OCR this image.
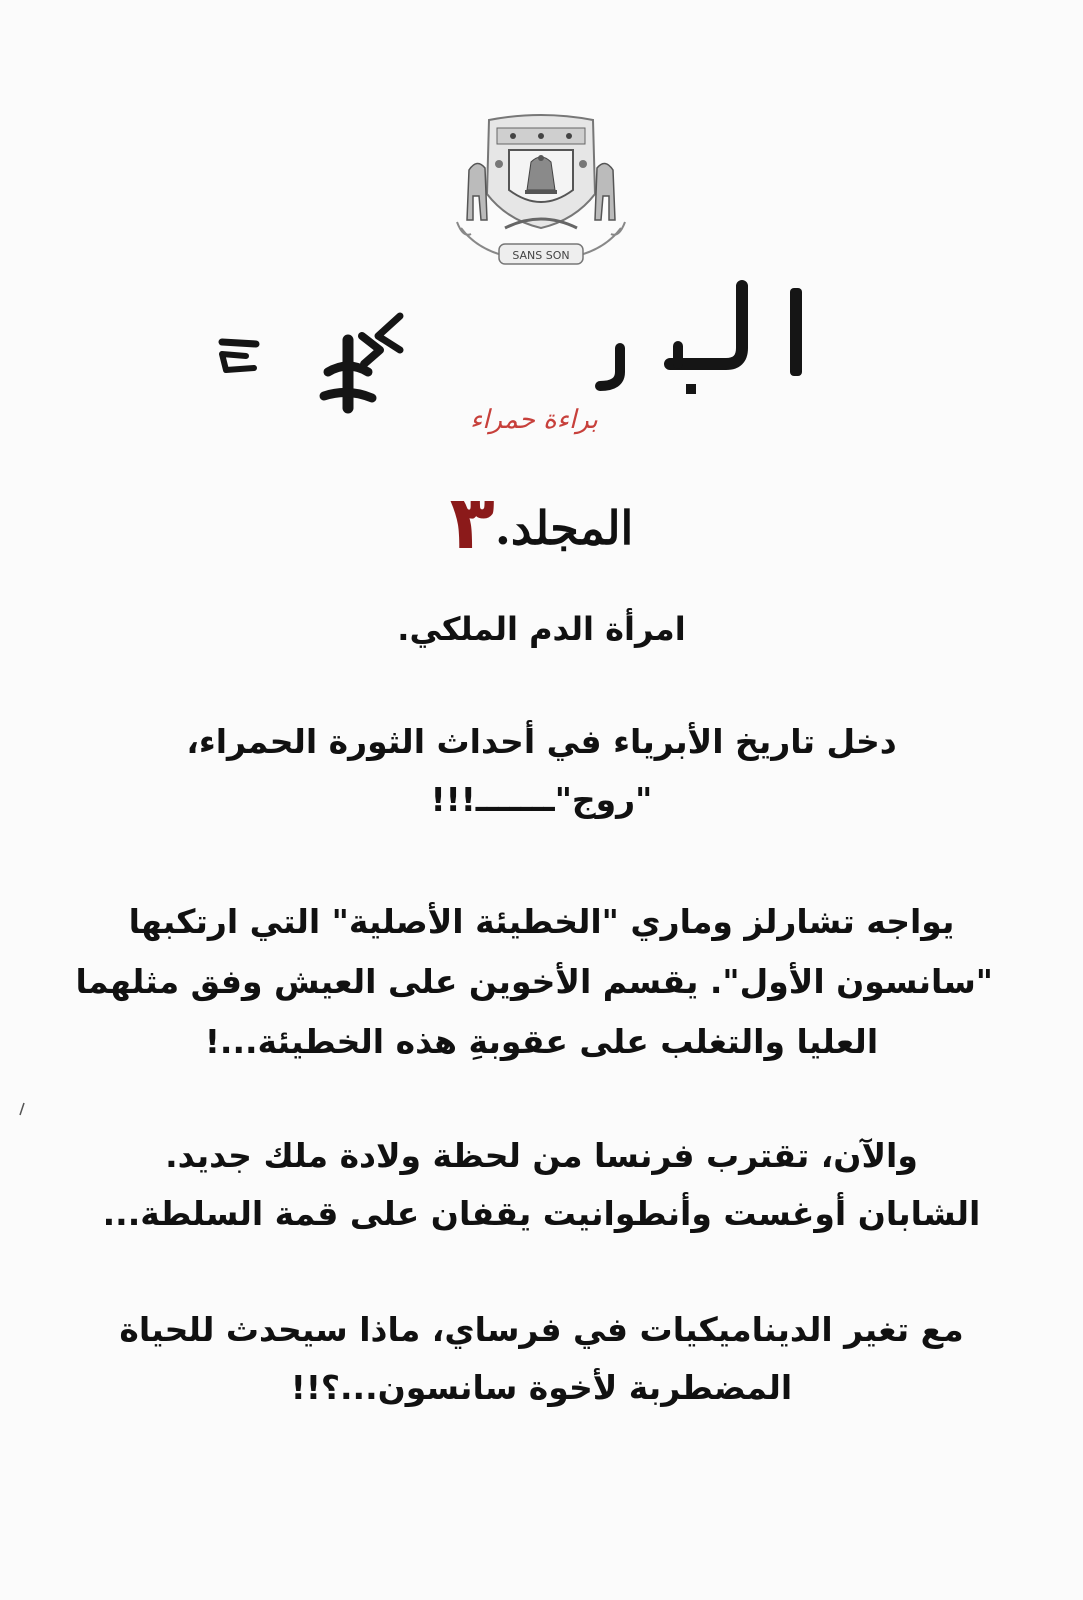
SANS SON
براءة حمراء
المجلد.٣
امرأة الدم الملكي.
دخل تاريخ الأبرياء في أحداث الثورة الحمراء،
"روج"ـــــــ!!!
يواجه تشارلز وماري "الخطيئة الأصلية" التي ارتكبها
"سانسون الأول". يقسم الأخوين على العيش وفق مثلهما
العليا والتغلب على عقوبةِ هذه الخطيئة...!
والآن، تقترب فرنسا من لحظة ولادة ملك جديد.
الشابان أوغست وأنطوانيت يقفان على قمة السلطة...
مع تغير الديناميكيات في فرساي، ماذا سيحدث للحياة
المضطربة لأخوة سانسون...؟!!
